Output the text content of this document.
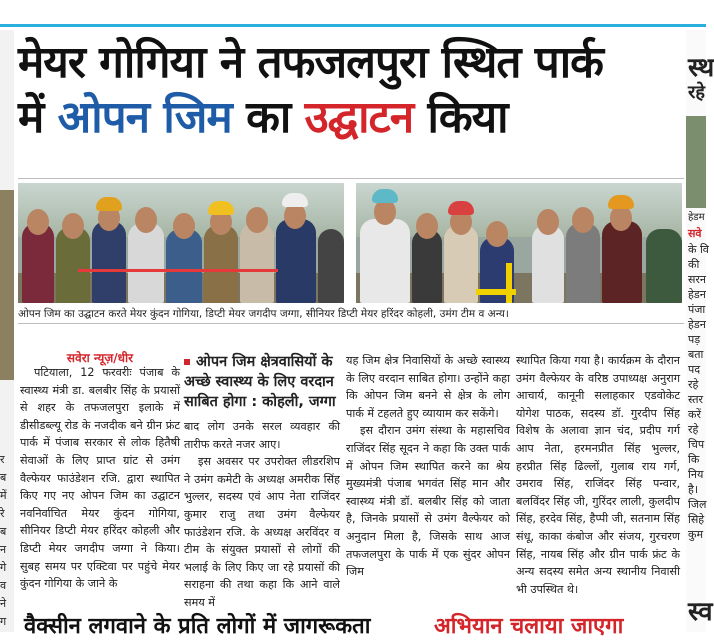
र
ब
में
रे
ब
न
गे
व
ने
ग
मेयर गोगिया ने तफजलपुरा स्थित पार्क
में ओपन जिम का उद्घाटन किया
ओपन जिम का उद्घाटन करते मेयर कुंदन गोगिया, डिप्टी मेयर जगदीप जग्गा, सीनियर डिप्टी मेयर हरिंदर कोहली, उमंग टीम व अन्य।
सवेरा न्यूज़/धीर

पटियाला, 12 फरवरीः पंजाब के स्वास्थ्य मंत्री डा. बलबीर सिंह के प्रयासों से शहर के तफजलपुरा इलाके में डीसीडब्ल्यू रोड के नजदीक बने ग्रीन फ्रंट पार्क में पंजाब सरकार से लोक हितैषी सेवाओं के लिए प्राप्त ग्रांट से उमंग वैल्फेयर फाउंडेशन रजि. द्वारा स्थापित किए गए नए ओपन जिम का उद्घाटन नवनिर्वाचित मेयर कुंदन गोगिया, सीनियर डिप्टी मेयर हरिंदर कोहली और डिप्टी मेयर जगदीप जग्गा ने किया। सुबह समय पर एक्टिवा पर पहुंचे मेयर कुंदन गोगिया के जाने के

ओपन जिम क्षेत्रवासियों के अच्छे स्वास्थ्य के लिए वरदान साबित होगा : कोहली, जग्गा

बाद लोग उनके सरल व्यवहार की तारीफ करते नजर आए।

इस अवसर पर उपरोक्त लीडरशिप ने उमंग कमेटी के अध्यक्ष अमरीक सिंह भुल्लर, सदस्य एवं आप नेता राजिंदर कुमार राजु तथा उमंग वैल्फेयर फाउंडेशन रजि. के अध्यक्ष अरविंदर व टीम के संयुक्त प्रयासों से लोगों की भलाई के लिए किए जा रहे प्रयासों की सराहना की तथा कहा कि आने वाले समय में

यह जिम क्षेत्र निवासियों के अच्छे स्वास्थ्य के लिए वरदान साबित होगा। उन्होंने कहा कि ओपन जिम बनने से क्षेत्र के लोग पार्क में टहलते हुए व्यायाम कर सकेंगे।

इस दौरान उमंग संस्था के महासचिव राजिंदर सिंह सूदन ने कहा कि उक्त पार्क में ओपन जिम स्थापित करने का श्रेय मुख्यमंत्री पंजाब भगवंत सिंह मान और स्वास्थ्य मंत्री डॉ. बलबीर सिंह को जाता है, जिनके प्रयासों से उमंग वैल्फेयर को अनुदान मिला है, जिसके साथ आज तफजलपुरा के पार्क में एक सुंदर ओपन जिम

स्थापित किया गया है। कार्यक्रम के दौरान उमंग वैल्फेयर के वरिष्ठ उपाध्यक्ष अनुराग आचार्य, कानूनी सलाहकार एडवोकेट योगेश पाठक, सदस्य डॉ. गुरदीप सिंह विशेष के अलावा ज्ञान चंद, प्रदीप गर्ग आप नेता, हरमनप्रीत सिंह भुल्लर, हरप्रीत सिंह ढिल्लों, गुलाब राय गर्ग, उमराव सिंह, राजिंदर सिंह पन्वार, बलविंदर सिंह जी, गुरिंदर लाली, कुलदीप सिंह, हरदेव सिंह, हैप्पी जी, सतनाम सिंह संधू, काका कंबोज और संजय, गुरचरण सिंह, नायब सिंह और ग्रीन पार्क फ्रंट के अन्य सदस्य समेत अन्य स्थानीय निवासी भी उपस्थित थे।

स्थ
रहे
हेडम
सवे
के वि
की
सरन
हेडन
पंजा
हेडन
पड़
बता
पद
रहे
स्तर
करें
रहे
चिप
कि
निय
है।
जिल
सिहे
कुम
स्व
वैक्सीन लगवाने के प्रति लोगों में जागरूकता	अभियान चलाया जाएगा
